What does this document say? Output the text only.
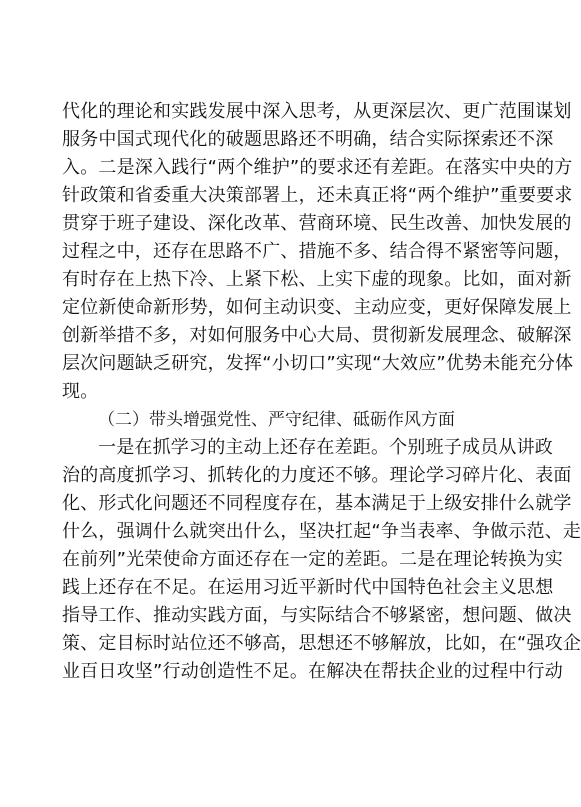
代化的理论和实践发展中深入思考，从更深层次、更广范围谋划
服务中国式现代化的破题思路还不明确，结合实际探索还不深
入。二是深入践行“两个维护”的要求还有差距。在落实中央的方
针政策和省委重大决策部署上，还未真正将“两个维护”重要要求
贯穿于班子建设、深化改革、营商环境、民生改善、加快发展的
过程之中，还存在思路不广、措施不多、结合得不紧密等问题，
有时存在上热下冷、上紧下松、上实下虚的现象。比如，面对新
定位新使命新形势，如何主动识变、主动应变，更好保障发展上
创新举措不多，对如何服务中心大局、贯彻新发展理念、破解深
层次问题缺乏研究，发挥“小切口”实现“大效应”优势未能充分体
现。
（二）带头增强党性、严守纪律、砥砺作风方面
一是在抓学习的主动上还存在差距。个别班子成员从讲政
治的高度抓学习、抓转化的力度还不够。理论学习碎片化、表面
化、形式化问题还不同程度存在，基本满足于上级安排什么就学
什么，强调什么就突出什么，坚决扛起“争当表率、争做示范、走
在前列”光荣使命方面还存在一定的差距。二是在理论转换为实
践上还存在不足。在运用习近平新时代中国特色社会主义思想
指导工作、推动实践方面，与实际结合不够紧密，想问题、做决
策、定目标时站位还不够高，思想还不够解放，比如，在“强攻企
业百日攻坚”行动创造性不足。在解决在帮扶企业的过程中行动
